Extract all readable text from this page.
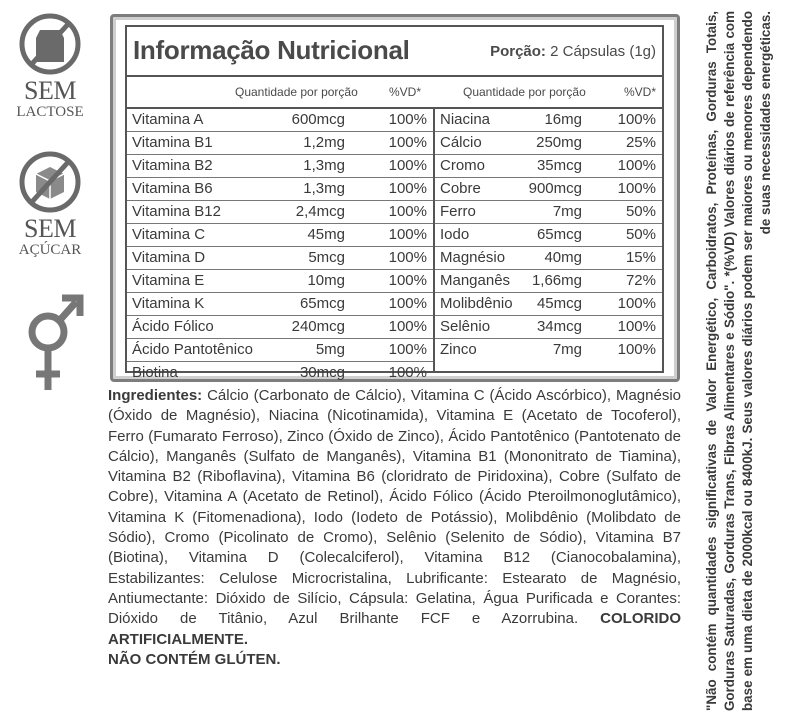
SEM
LACTOSE
SEM
AÇÚCAR
Informação Nutricional	Porção: 2 Cápsulas (1g)
Quantidade por porção	%VD*	Quantidade por porção	%VD*
Vitamina A	600mcg	100%
Vitamina B1	1,2mg	100%
Vitamina B2	1,3mg	100%
Vitamina B6	1,3mg	100%
Vitamina B12	2,4mcg	100%
Vitamina C	45mg	100%
Vitamina D	5mcg	100%
Vitamina E	10mg	100%
Vitamina K	65mcg	100%
Ácido Fólico	240mcg	100%
Ácido Pantotênico	5mg	100%
Biotina	30mcg	100%
Niacina	16mg 100%
Cálcio	250mg	25%
Cromo	35mcg 100%
Cobre	900mcg 100%
Ferro	7mg	50%
Iodo	65mcg	50%
Magnésio	40mg	15%
Manganês 1,66mg	72%
Molibdênio 45mcg 100%
Selênio	34mcg 100%
Zinco	7mg 100%
Ingredientes: Cálcio (Carbonato de Cálcio), Vitamina C (Ácido Ascórbico), Magnésio (Óxido de Magnésio), Niacina (Nicotinamida), Vitamina E (Acetato de Tocoferol), Ferro (Fumarato Ferroso), Zinco (Óxido de Zinco), Ácido Pantotênico (Pantotenato de Cálcio), Manganês (Sulfato de Manganês), Vitamina B1 (Mononitrato de Tiamina), Vitamina B2 (Riboflavina), Vitamina B6 (cloridrato de Piridoxina), Cobre (Sulfato de Cobre), Vitamina A (Acetato de Retinol), Ácido Fólico (Ácido Pteroilmonoglutâmico), Vitamina K (Fitomenadiona), Iodo (Iodeto de Potássio), Molibdênio (Molibdato de Sódio), Cromo (Picolinato de Cromo), Selênio (Selenito de Sódio), Vitamina B7 (Biotina), Vitamina D (Colecalciferol), Vitamina B12 (Cianocobalamina), Estabilizantes: Celulose Microcristalina, Lubrificante: Estearato de Magnésio, Antiumectante: Dióxido de Silício, Cápsula: Gelatina, Água Purificada e Corantes: Dióxido de Titânio, Azul Brilhante FCF e Azorrubina. COLORIDO ARTIFICIALMENTE.
NÃO CONTÉM GLÚTEN.	"Não contém quantidades significativas de Valor Energético, Carboidratos, Proteínas, Gorduras Totais, Gorduras Saturadas, Gorduras Trans, Fibras Alimentares e Sódio". *(%VD) Valores diários de referência com base em uma dieta de 2000kcal ou 8400kJ. Seus valores diários podem ser maiores ou menores dependendo de suas necessidades energéticas.
